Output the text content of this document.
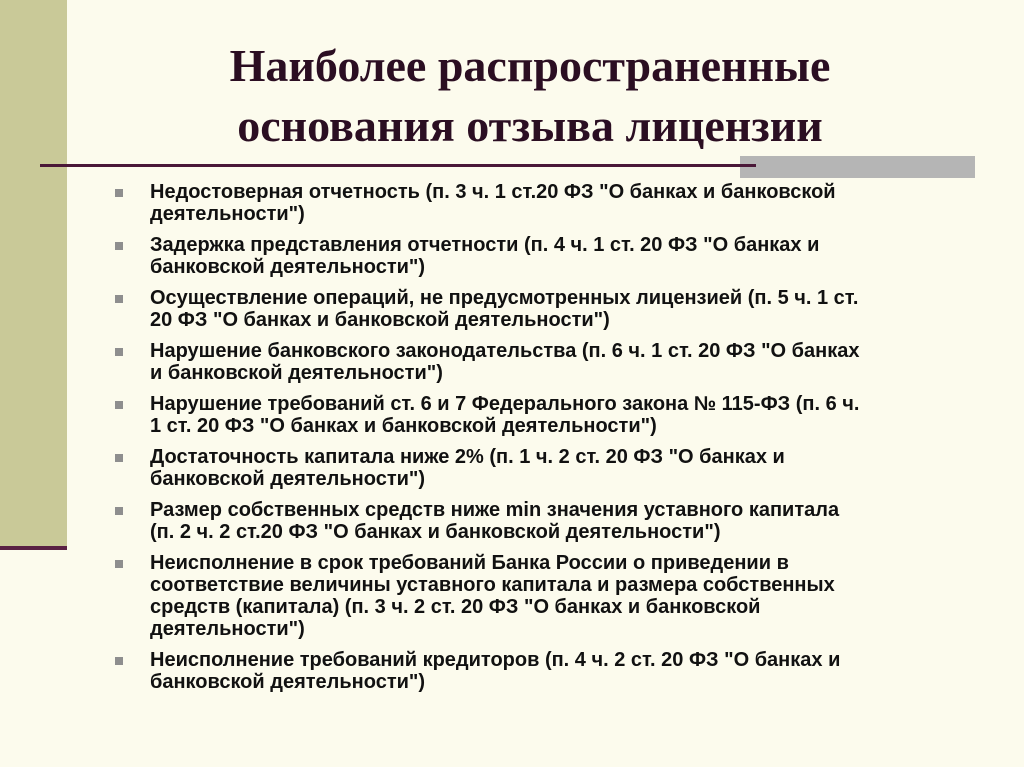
Наиболее распространенные
основания отзыва лицензии
Недостоверная отчетность (п. 3 ч. 1 ст.20 ФЗ "О банках и банковской
деятельности")
Задержка представления отчетности (п. 4 ч. 1 ст. 20 ФЗ "О банках и
банковской деятельности")
Осуществление операций, не предусмотренных лицензией (п. 5 ч. 1 ст.
20 ФЗ "О банках и банковской деятельности")
Нарушение банковского законодательства (п. 6 ч. 1 ст. 20 ФЗ "О банках
и банковской деятельности")
Нарушение требований ст. 6 и 7 Федерального закона № 115-ФЗ (п. 6 ч.
1 ст. 20 ФЗ "О банках и банковской деятельности")
Достаточность капитала ниже 2% (п. 1 ч. 2 ст. 20 ФЗ "О банках и
банковской деятельности")
Размер собственных средств ниже min значения уставного капитала
(п. 2 ч. 2 ст.20 ФЗ "О банках и банковской деятельности")
Неисполнение в срок требований Банка России о приведении в
соответствие величины уставного капитала и размера собственных
средств (капитала) (п. 3 ч. 2 ст. 20 ФЗ "О банках и банковской
деятельности")
Неисполнение требований кредиторов (п. 4 ч. 2 ст. 20 ФЗ "О банках и
банковской деятельности")
